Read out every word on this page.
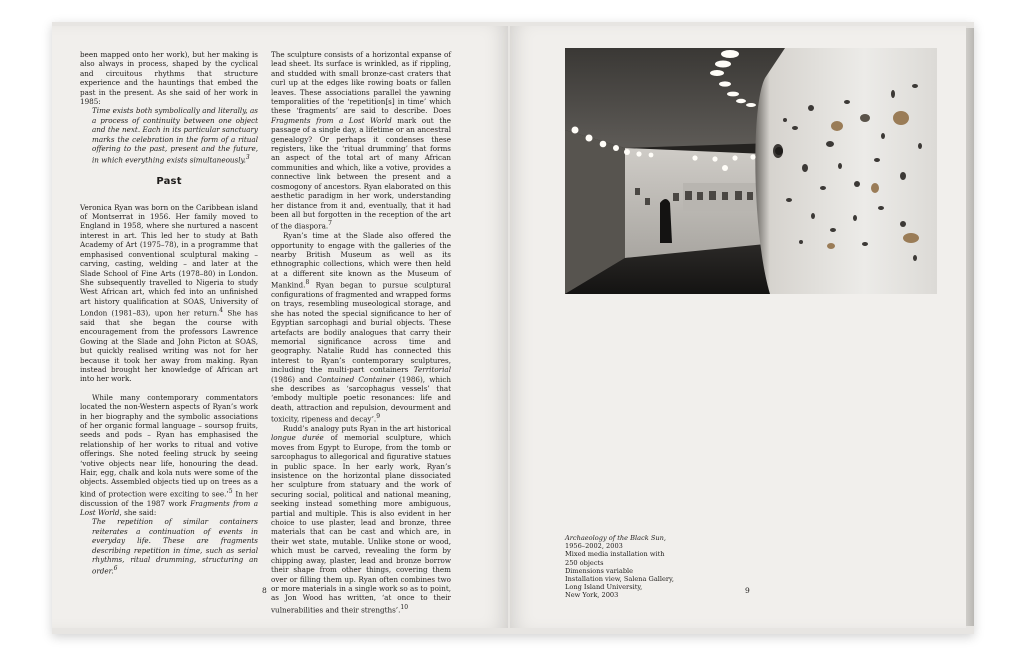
been mapped onto her work), but her making is also always in process, shaped by the cyclical and circuitous rhythms that structure experience and the hauntings that embed the past in the present. As she said of her work in 1985:

Time exists both symbolically and literally, as a process of continuity between one object and the next. Each in its particular sanctuary marks the celebration in the form of a ritual offering to the past, present and the future, in which everything exists simultaneously.$^3$
Past

Veronica Ryan was born on the Caribbean island of Montserrat in 1956. Her family moved to England in 1958, where she nurtured a nascent interest in art. This led her to study at Bath Academy of Art (1975–78), in a programme that emphasised conventional sculptural making – carving, casting, welding – and later at the Slade School of Fine Arts (1978–80) in London. She subsequently travelled to Nigeria to study West African art, which fed into an unfinished art history qualification at SOAS, University of London (1981–83), upon her return.$^4$ She has said that she began the course with encouragement from the professors Lawrence Gowing at the Slade and John Picton at SOAS, but quickly realised writing was not for her because it took her away from making. Ryan instead brought her knowledge of African art into her work.

While many contemporary commentators located the non-Western aspects of Ryan’s work in her biography and the symbolic associations of her organic formal language – soursop fruits, seeds and pods – Ryan has emphasised the relationship of her works to ritual and votive offerings. She noted feeling struck by seeing ‘votive objects near life, honouring the dead. Hair, egg, chalk and kola nuts were some of the objects. Assembled objects tied up on trees as a kind of protection were exciting to see.’$^5$ In her discussion of the 1987 work Fragments from a Lost World, she said:

The repetition of similar containers reiterates a continuation of events in everyday life. These are fragments describing repetition in time, such as serial rhythms, ritual drumming, structuring an order.$^6$

The sculpture consists of a horizontal expanse of lead sheet. Its surface is wrinkled, as if rippling, and studded with small bronze-cast craters that curl up at the edges like rowing boats or fallen leaves. These associations parallel the yawning temporalities of the ‘repetition[s] in time’ which these ‘fragments’ are said to describe. Does Fragments from a Lost World mark out the passage of a single day, a lifetime or an ancestral genealogy? Or perhaps it condenses these registers, like the ‘ritual drumming’ that forms an aspect of the total art of many African communities and which, like a votive, provides a connective link between the present and a cosmogony of ancestors. Ryan elaborated on this aesthetic paradigm in her work, understanding her distance from it and, eventually, that it had been all but forgotten in the reception of the art of the diaspora.$^7$

Ryan’s time at the Slade also offered the opportunity to engage with the galleries of the nearby British Museum as well as its ethnographic collections, which were then held at a different site known as the Museum of Mankind.$^8$ Ryan began to pursue sculptural configurations of fragmented and wrapped forms on trays, resembling museological storage, and she has noted the special significance to her of Egyptian sarcophagi and burial objects. These artefacts are bodily analogues that carry their memorial significance across time and geography. Natalie Rudd has connected this interest to Ryan’s contemporary sculptures, including the multi-part containers Territorial (1986) and Contained Container (1986), which she describes as ‘sarcophagus vessels’ that ‘embody multiple poetic resonances: life and death, attraction and repulsion, devourment and toxicity, ripeness and decay’.$^9$

Rudd’s analogy puts Ryan in the art historical longue durée of memorial sculpture, which moves from Egypt to Europe, from the tomb or sarcophagus to allegorical and figurative statues in public space. In her early work, Ryan’s insistence on the horizontal plane dissociated her sculpture from statuary and the work of securing social, political and national meaning, seeking instead something more ambiguous, partial and multiple. This is also evident in her choice to use plaster, lead and bronze, three materials that can be cast and which are, in their wet state, mutable. Unlike stone or wood, which must be carved, revealing the form by chipping away, plaster, lead and bronze borrow their shape from other things, covering them over or filling them up. Ryan often combines two or more materials in a single work so as to point, as Jon Wood has written, ‘at once to their vulnerabilities and their strengths’.$^{10}$

8
Archaeology of the Black Sun,
1956–2002, 2003
Mixed media installation with
250 objects
Dimensions variable
Installation view, Salena Gallery,
Long Island University,
New York, 2003
9
